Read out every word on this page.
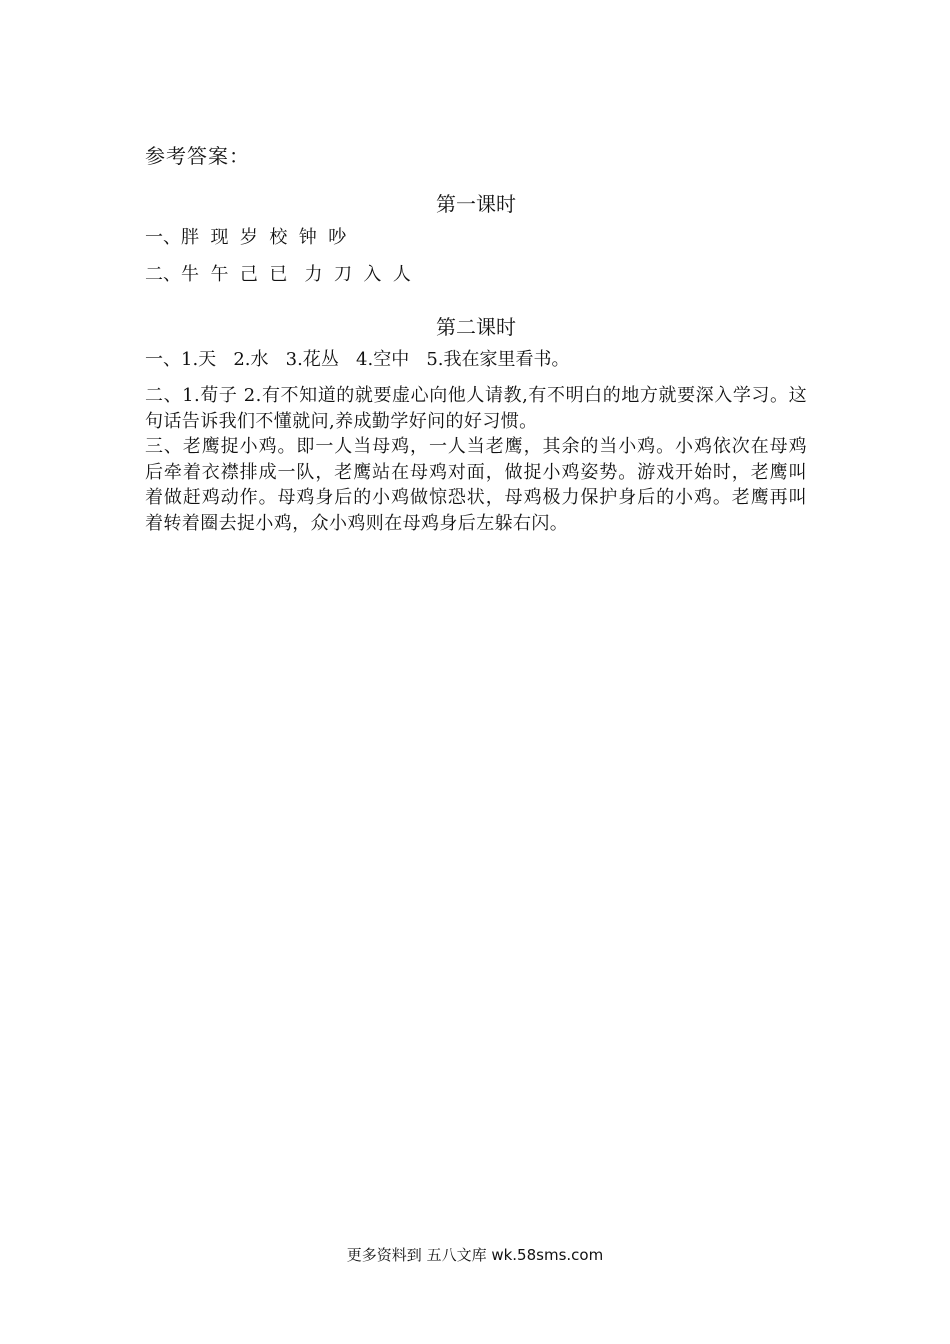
参考答案：
第一课时
一、胖  现  岁  校  钟  吵
二、牛  午  己  已   力  刀  入  人
第二课时
一、1.天   2.水   3.花丛   4.空中   5.我在家里看书。
二、1.荀子 2.有不知道的就要虚心向他人请教,有不明白的地方就要深入学习。这句话告诉我们不懂就问,养成勤学好问的好习惯。
三、老鹰捉小鸡。即一人当母鸡，一人当老鹰，其余的当小鸡。小鸡依次在母鸡后牵着衣襟排成一队，老鹰站在母鸡对面，做捉小鸡姿势。游戏开始时，老鹰叫着做赶鸡动作。母鸡身后的小鸡做惊恐状，母鸡极力保护身后的小鸡。老鹰再叫着转着圈去捉小鸡，众小鸡则在母鸡身后左躲右闪。
更多资料到 五八文库 wk.58sms.com
